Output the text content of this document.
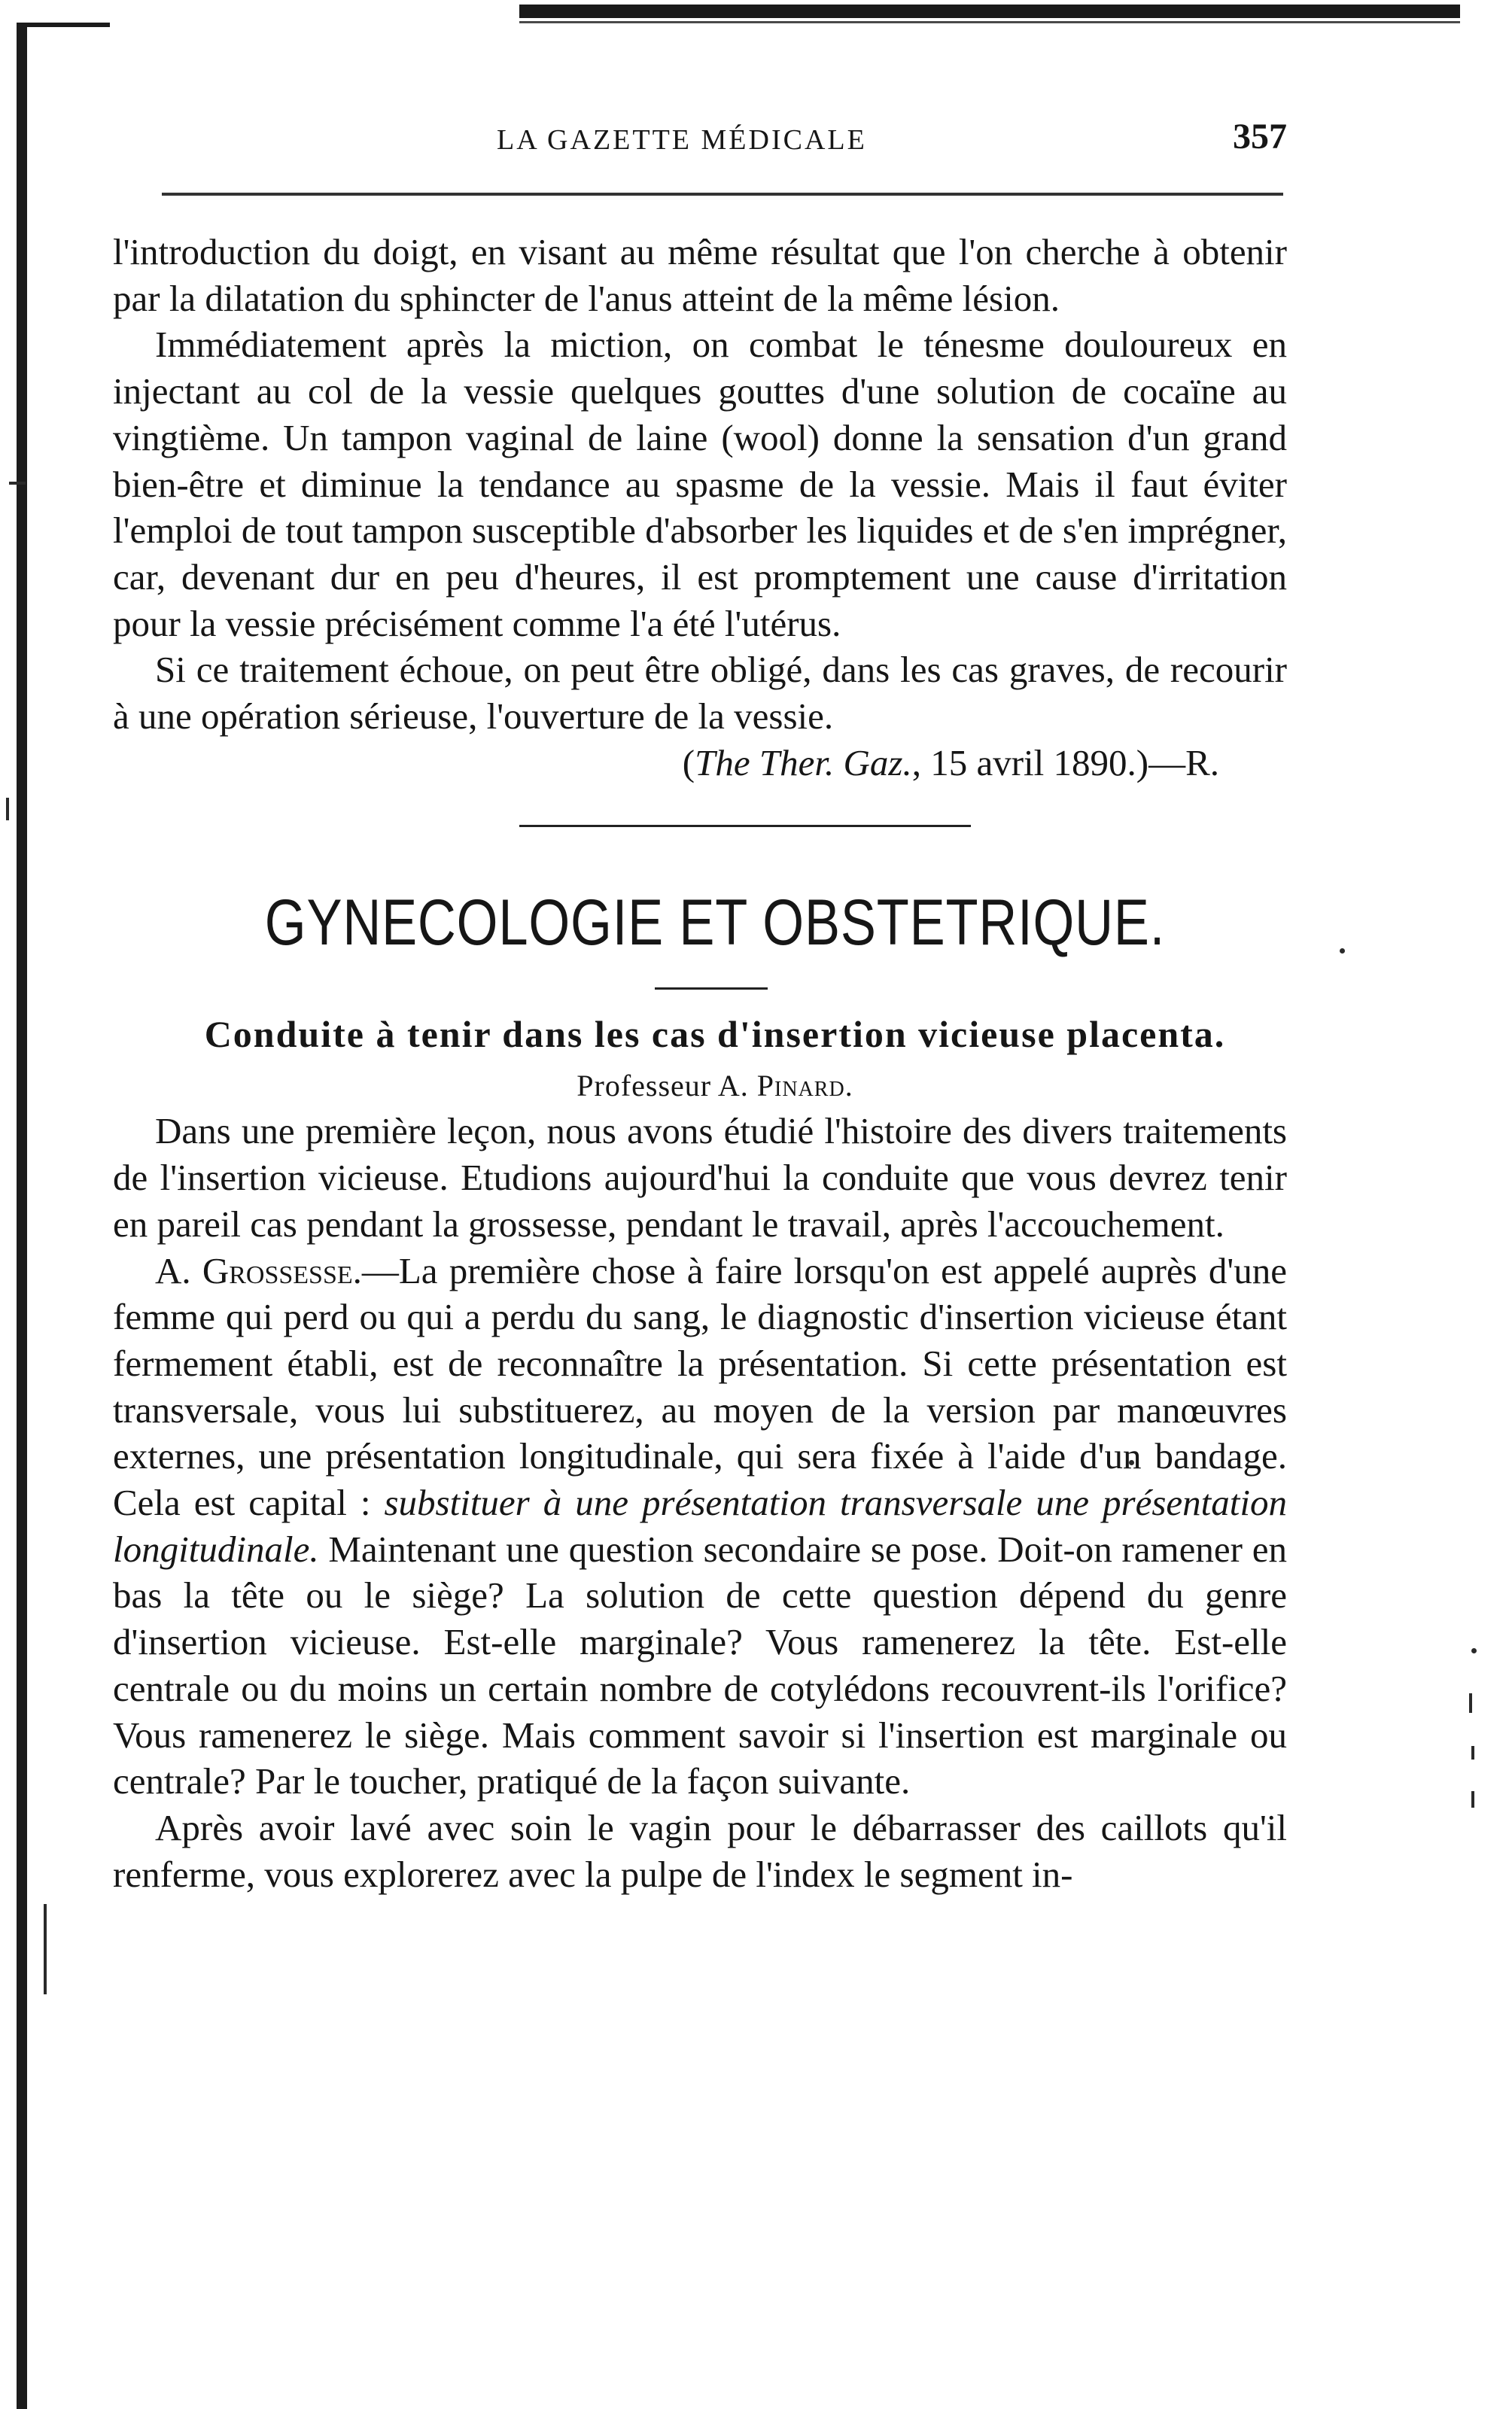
LA GAZETTE MÉDICALE	357

l'introduction du doigt, en visant au même résultat que l'on cherche à obtenir par la dilatation du sphincter de l'anus atteint de la même lésion.

Immédiatement après la miction, on combat le ténesme douloureux en injectant au col de la vessie quelques gouttes d'une solution de cocaïne au vingtième. Un tampon vaginal de laine (wool) donne la sensation d'un grand bien-être et diminue la tendance au spasme de la vessie. Mais il faut éviter l'emploi de tout tampon susceptible d'absorber les liquides et de s'en imprégner, car, devenant dur en peu d'heures, il est promptement une cause d'irritation pour la vessie précisément comme l'a été l'utérus.

Si ce traitement échoue, on peut être obligé, dans les cas graves, de recourir à une opération sérieuse, l'ouverture de la vessie.

(The Ther. Gaz., 15 avril 1890.)—R.
GYNECOLOGIE ET OBSTETRIQUE.
Conduite à tenir dans les cas d'insertion vicieuse placenta.
Professeur A. Pinard.

Dans une première leçon, nous avons étudié l'histoire des divers traitements de l'insertion vicieuse. Etudions aujourd'hui la conduite que vous devrez tenir en pareil cas pendant la grossesse, pendant le travail, après l'accouchement.

A. Grossesse.—La première chose à faire lorsqu'on est appelé auprès d'une femme qui perd ou qui a perdu du sang, le diagnostic d'insertion vicieuse étant fermement établi, est de reconnaître la présentation. Si cette présentation est transversale, vous lui substituerez, au moyen de la version par manœuvres externes, une présentation longitudinale, qui sera fixée à l'aide d'un bandage. Cela est capital : substituer à une présentation transversale une présentation longitudinale. Maintenant une question secondaire se pose. Doit-on ramener en bas la tête ou le siège? La solution de cette question dépend du genre d'insertion vicieuse. Est-elle marginale? Vous ramenerez la tête. Est-elle centrale ou du moins un certain nombre de cotylédons recouvrent-ils l'orifice? Vous ramenerez le siège. Mais comment savoir si l'insertion est marginale ou centrale? Par le toucher, pratiqué de la façon suivante.

Après avoir lavé avec soin le vagin pour le débarrasser des caillots qu'il renferme, vous explorerez avec la pulpe de l'index le segment in-
